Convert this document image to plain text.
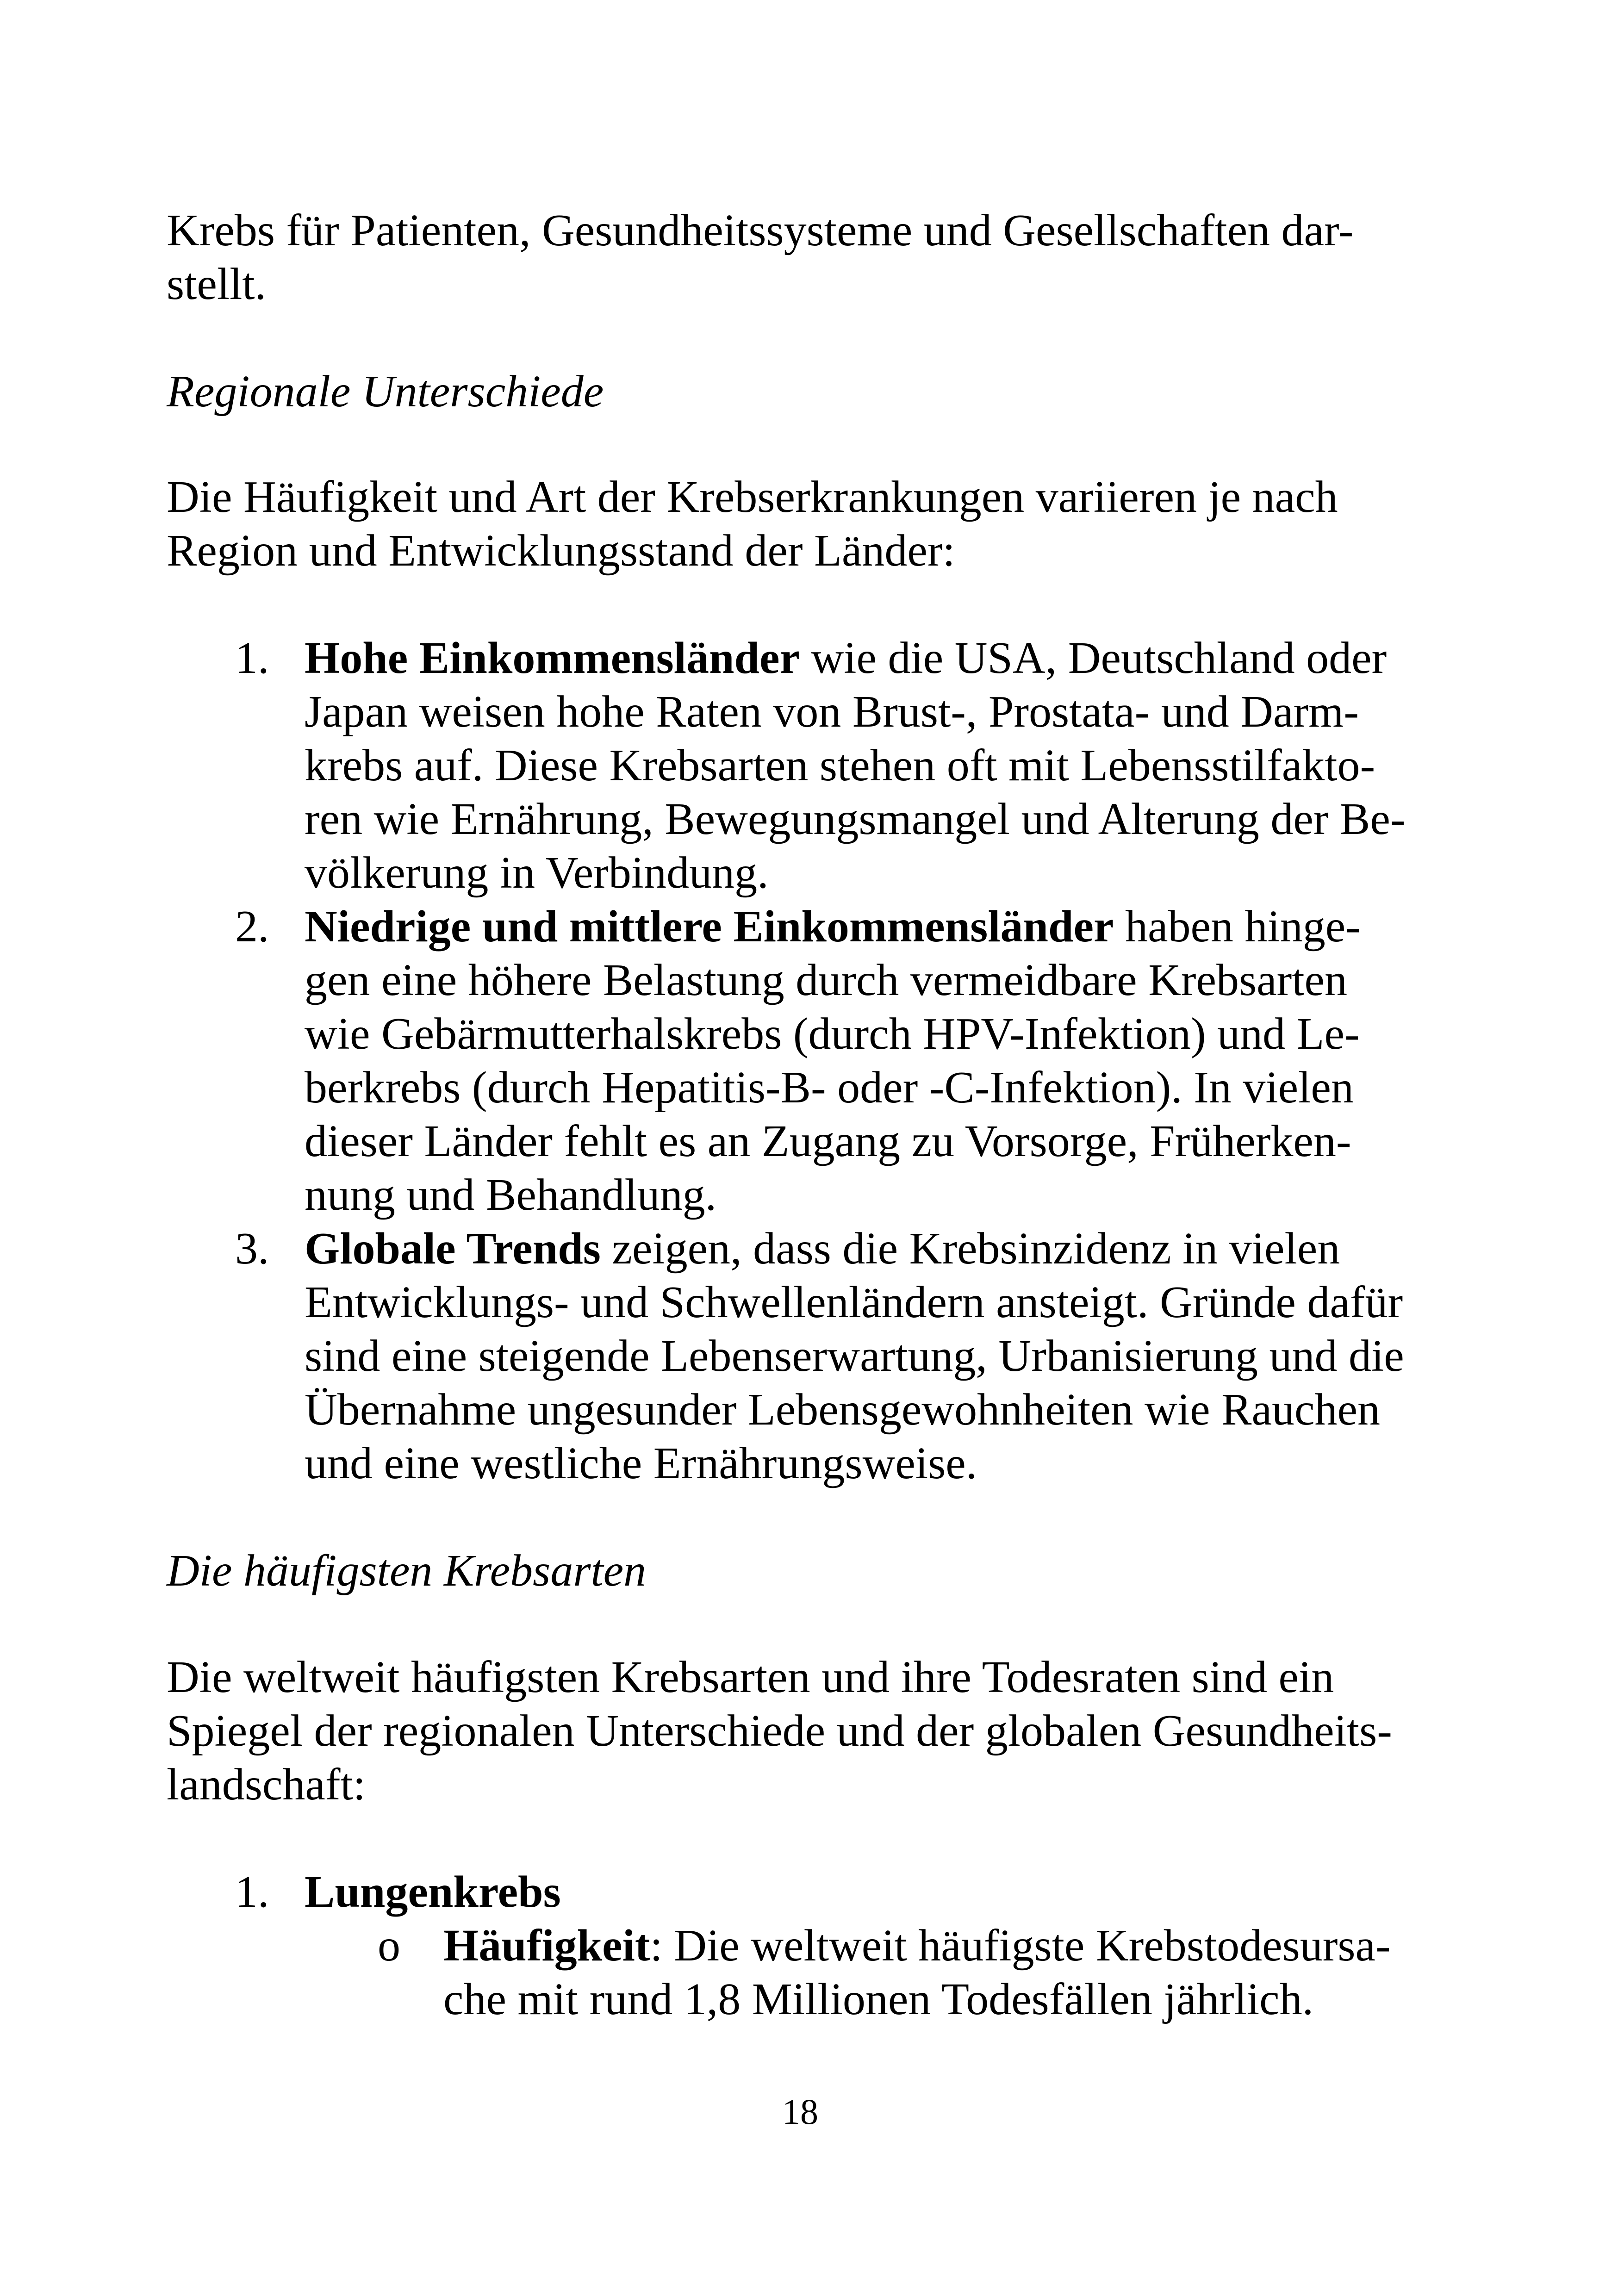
Krebs für Patienten, Gesundheitssysteme und Gesellschaften dar-
stellt.

Regionale Unterschiede

Die Häufigkeit und Art der Krebserkrankungen variieren je nach
Region und Entwicklungsstand der Länder:

1. Hohe Einkommensländer wie die USA, Deutschland oder
Japan weisen hohe Raten von Brust-, Prostata- und Darm-
krebs auf. Diese Krebsarten stehen oft mit Lebensstilfakto-
ren wie Ernährung, Bewegungsmangel und Alterung der Be-
völkerung in Verbindung.
2. Niedrige und mittlere Einkommensländer haben hinge-
gen eine höhere Belastung durch vermeidbare Krebsarten
wie Gebärmutterhalskrebs (durch HPV-Infektion) und Le-
berkrebs (durch Hepatitis-B- oder -C-Infektion). In vielen
dieser Länder fehlt es an Zugang zu Vorsorge, Früherken-
nung und Behandlung.
3. Globale Trends zeigen, dass die Krebsinzidenz in vielen
Entwicklungs- und Schwellenländern ansteigt. Gründe dafür
sind eine steigende Lebenserwartung, Urbanisierung und die
Übernahme ungesunder Lebensgewohnheiten wie Rauchen
und eine westliche Ernährungsweise.

Die häufigsten Krebsarten

Die weltweit häufigsten Krebsarten und ihre Todesraten sind ein
Spiegel der regionalen Unterschiede und der globalen Gesundheits-
landschaft:

1. Lungenkrebs
o Häufigkeit: Die weltweit häufigste Krebstodesursa-
che mit rund 1,8 Millionen Todesfällen jährlich.
18
